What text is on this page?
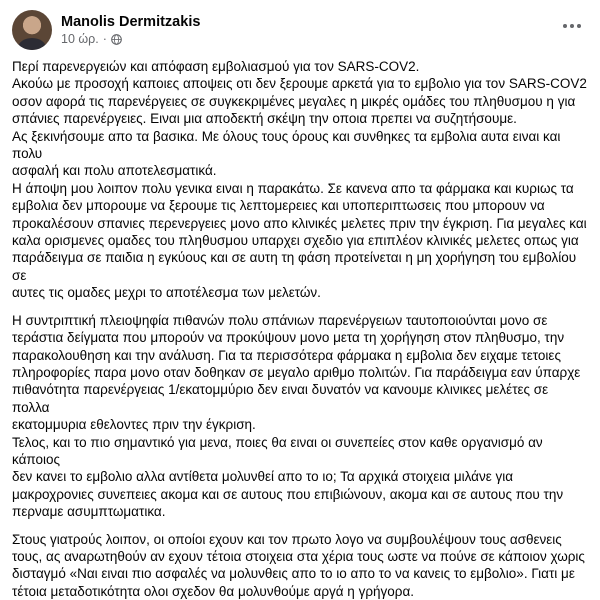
Manolis Dermitzakis
10 ώρ. ·

Περί παρενεργειών και απόφαση εμβολιασμού για τον SARS-COV2.
Ακούω με προσοχή καποιες αποψεις οτι δεν ξερουμε αρκετά για το εμβολιο για τον SARS-COV2
οσον αφορά τις παρενέργειες σε συγκεκριμένες μεγαλες η μικρές ομάδες του πληθυσμου η για
σπάνιες παρενέργειες. Ειναι μια αποδεκτή σκέψη την οποια πρεπει να συζητήσουμε.
Ας ξεκινήσουμε απο τα βασικα. Με όλους τους όρους και συνθηκες τα εμβολια αυτα ειναι και πολυ
ασφαλή και πολυ αποτελεσματικά.
Η άποψη μου λοιπον πολυ γενικα ειναι η παρακάτω. Σε κανενα απο τα φάρμακα και κυριως τα
εμβολια δεν μπορουμε να ξερουμε τις λεπτομερειες και υποπεριπτωσεις που μπορουν να
προκαλέσουν σπανιες περενεργειες μονο απο κλινικές μελετες πριν την έγκριση. Για μεγαλες και
καλα ορισμενες ομαδες του πληθυσμου υπαρχει σχεδιο για επιπλέον κλινικές μελετες οπως για
παράδειγμα σε παιδια η εγκύους και σε αυτη τη φάση προτείνεται η μη χορήγηση του εμβολίου σε
αυτες τις ομαδες μεχρι το αποτέλεσμα των μελετών.

Η συντριπτική πλειοψηφία πιθανών πολυ σπάνιων παρενέργειων ταυτοποιούνται μονο σε
τεράστια δείγματα που μπορούν να προκύψουν μονο μετα τη χορήγηση στον πληθυσμο, την
παρακολουθηση και την ανάλυση. Για τα περισσότερα φάρμακα η εμβολια δεν ειχαμε τετοιες
πληροφορίες παρα μονο οταν δοθηκαν σε μεγαλο αριθμο πολιτών. Για παράδειγμα εαν ύπαρχε
πιθανότητα παρενέργειας 1/εκατομμύριο δεν ειναι δυνατόν να κανουμε κλινικες μελέτες σε πολλα
εκατομμυρια εθελοντες πριν την έγκριση.
Τελος, και το πιο σημαντικό για μενα, ποιες θα ειναι οι συνεπείες στον καθε οργανισμό αν κάποιος
δεν κανει το εμβολιο αλλα αντίθετα μολυνθεί απο το ιο; Τα αρχικά στοιχεια μιλάνε για
μακροχρονιες συνεπειες ακομα και σε αυτους που επιβιώνουν, ακομα και σε αυτους που την
περναμε ασυμπτωματικα.

Στους γιατρούς λοιπον, οι οποίοι εχουν και τον πρωτο λογο να συμβουλέψουν τους ασθενεις
τους, ας αναρωτηθούν αν εχουν τέτοια στοιχεια στα χέρια τους ωστε να πούνε σε κάποιον χωρις
δισταγμό «Ναι ειναι πιο ασφαλές να μολυνθεις απο το ιο απο το να κανεις το εμβολιο». Γιατι με
τέτοια μεταδοτικότητα ολοι σχεδον θα μολυνθούμε αργά η γρήγορα.
